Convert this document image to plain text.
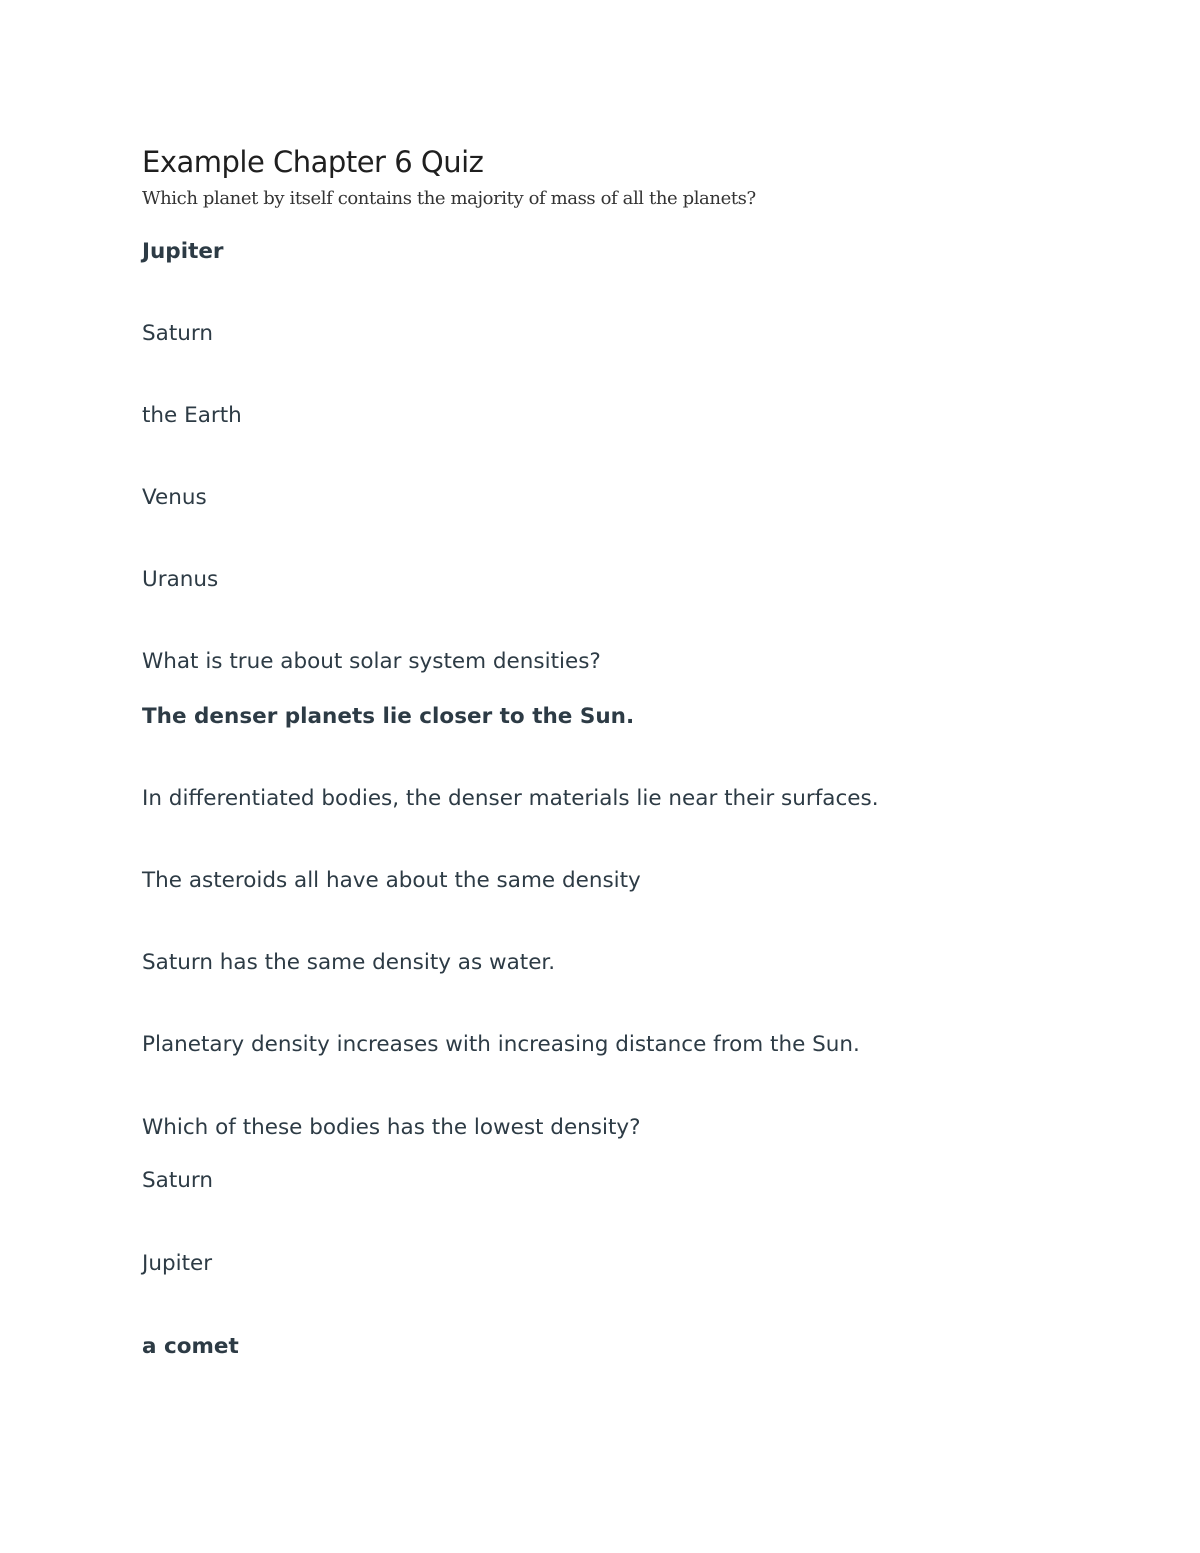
Example Chapter 6 Quiz

Which planet by itself contains the majority of mass of all the planets?

Jupiter

Saturn

the Earth

Venus

Uranus

What is true about solar system densities?

The denser planets lie closer to the Sun.

In differentiated bodies, the denser materials lie near their surfaces.

The asteroids all have about the same density

Saturn has the same density as water.

Planetary density increases with increasing distance from the Sun.

Which of these bodies has the lowest density?

Saturn

Jupiter

a comet
